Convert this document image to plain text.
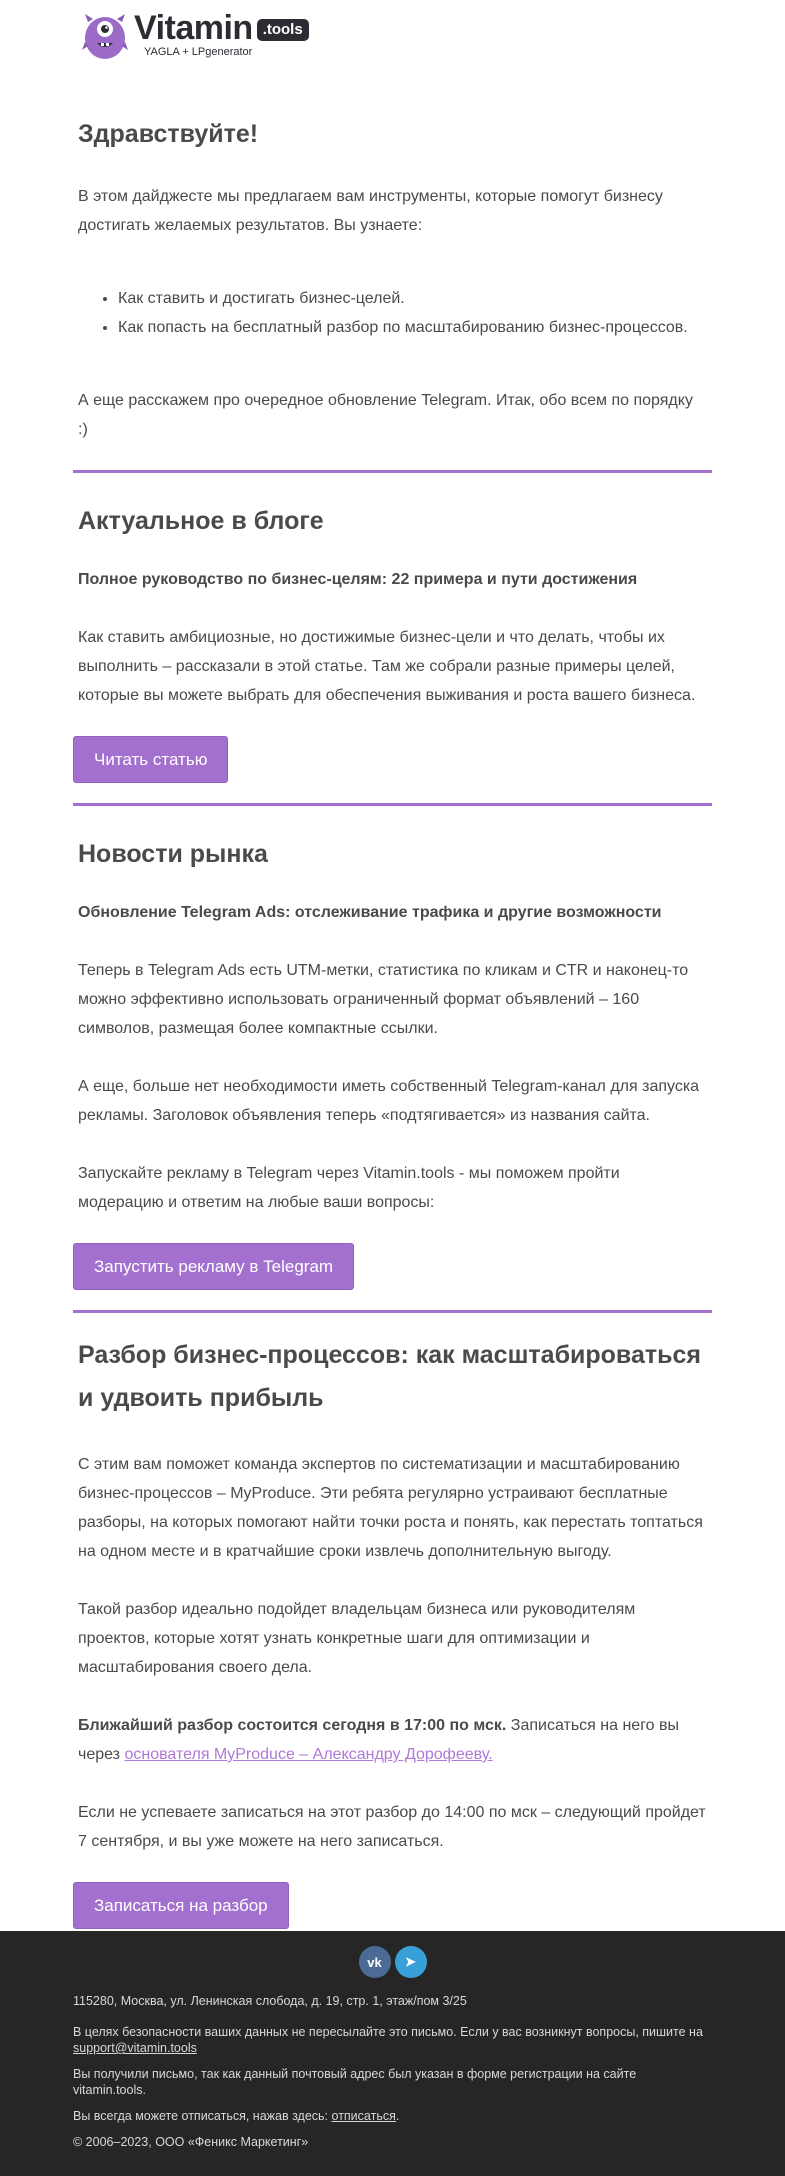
Vitamin .tools
YAGLA + LPgenerator
Здравствуйте!

В этом дайджесте мы предлагаем вам инструменты, которые помогут бизнесу достигать желаемых результатов. Вы узнаете:

• Как ставить и достигать бизнес-целей.
• Как попасть на бесплатный разбор по масштабированию бизнес-процессов.

А еще расскажем про очередное обновление Telegram. Итак, обо всем по порядку :)

Актуальное в блоге

Полное руководство по бизнес-целям: 22 примера и пути достижения

Как ставить амбициозные, но достижимые бизнес-цели и что делать, чтобы их выполнить – рассказали в этой статье. Там же собрали разные примеры целей, которые вы можете выбрать для обеспечения выживания и роста вашего бизнеса.

Читать статью
Новости рынка

Обновление Telegram Ads: отслеживание трафика и другие возможности

Теперь в Telegram Ads есть UTM-метки, статистика по кликам и CTR и наконец-то можно эффективно использовать ограниченный формат объявлений – 160 символов, размещая более компактные ссылки.

А еще, больше нет необходимости иметь собственный Telegram-канал для запуска рекламы. Заголовок объявления теперь «подтягивается» из названия сайта.

Запускайте рекламу в Telegram через Vitamin.tools - мы поможем пройти модерацию и ответим на любые ваши вопросы:

Запустить рекламу в Telegram
Разбор бизнес-процессов: как масштабироваться и удвоить прибыль

С этим вам поможет команда экспертов по систематизации и масштабированию бизнес-процессов – MyProduce. Эти ребята регулярно устраивают бесплатные разборы, на которых помогают найти точки роста и понять, как перестать топтаться на одном месте и в кратчайшие сроки извлечь дополнительную выгоду.

Такой разбор идеально подойдет владельцам бизнеса или руководителям проектов, которые хотят узнать конкретные шаги для оптимизации и масштабирования своего дела.

Ближайший разбор состоится сегодня в 17:00 по мск. Записаться на него вы через основателя MyProduce – Александру Дорофееву.

Если не успеваете записаться на этот разбор до 14:00 по мск – следующий пройдет 7 сентября, и вы уже можете на него записаться.

Записаться на разбор
vk	➤

115280, Москва, ул. Ленинская слобода, д. 19, стр. 1, этаж/пом 3/25

В целях безопасности ваших данных не пересылайте это письмо. Если у вас возникнут вопросы, пишите на support@vitamin.tools

Вы получили письмо, так как данный почтовый адрес был указан в форме регистрации на сайте vitamin.tools.

Вы всегда можете отписаться, нажав здесь: отписаться.

© 2006–2023, ООО «Феникс Маркетинг»
